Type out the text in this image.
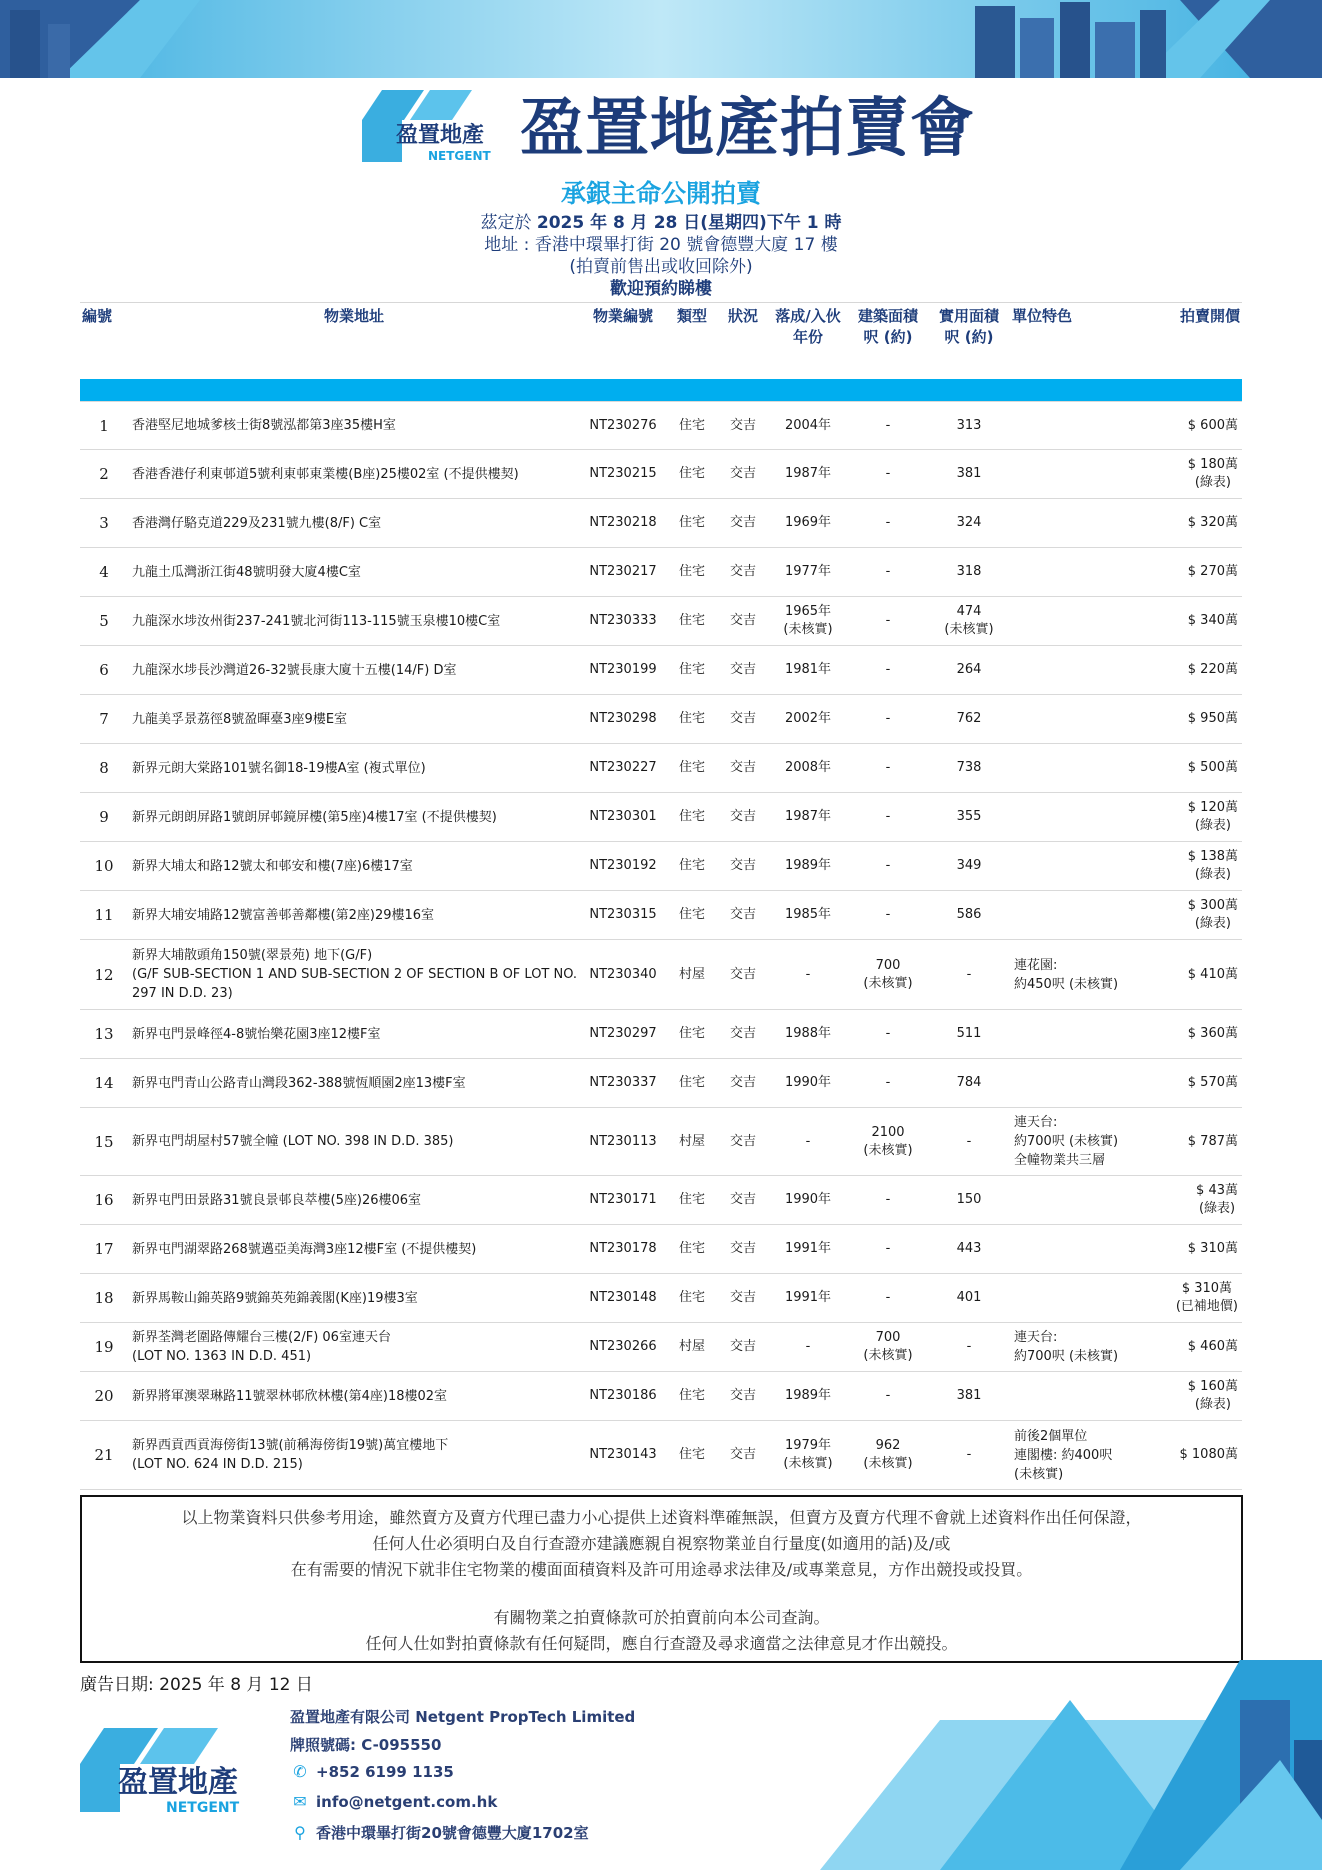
盈置地產
NETGENT 盈置地產拍賣會
承銀主命公開拍賣
茲定於 2025 年 8 月 28 日(星期四)下午 1 時
地址 : 香港中環畢打街 20 號會德豐大廈 17 樓
(拍賣前售出或收回除外)
歡迎預約睇樓
編號	物業地址	物業編號	類型	狀況	落成/入伙
年份	建築面積
呎 (約)	實用面積
呎 (約)	單位特色	拍賣開價

1	香港堅尼地城爹核士街8號泓都第3座35樓H室	NT230276	住宅	交吉	2004年	-	313		$ 600萬
2	香港香港仔利東邨道5號利東邨東業樓(B座)25樓02室 (不提供樓契)	NT230215	住宅	交吉	1987年	-	381		$ 180萬
(綠表)
3	香港灣仔駱克道229及231號九樓(8/F) C室	NT230218	住宅	交吉	1969年	-	324		$ 320萬
4	九龍土瓜灣浙江街48號明發大廈4樓C室	NT230217	住宅	交吉	1977年	-	318		$ 270萬
5	九龍深水埗汝州街237-241號北河街113-115號玉泉樓10樓C室	NT230333	住宅	交吉	1965年
(未核實)	-	474
(未核實)		$ 340萬
6	九龍深水埗長沙灣道26-32號長康大廈十五樓(14/F) D室	NT230199	住宅	交吉	1981年	-	264		$ 220萬
7	九龍美孚景荔徑8號盈暉臺3座9樓E室	NT230298	住宅	交吉	2002年	-	762		$ 950萬
8	新界元朗大棠路101號名御18-19樓A室 (複式單位)	NT230227	住宅	交吉	2008年	-	738		$ 500萬
9	新界元朗朗屏路1號朗屏邨鏡屏樓(第5座)4樓17室 (不提供樓契)	NT230301	住宅	交吉	1987年	-	355		$ 120萬
(綠表)
10	新界大埔太和路12號太和邨安和樓(7座)6樓17室	NT230192	住宅	交吉	1989年	-	349		$ 138萬
(綠表)
11	新界大埔安埔路12號富善邨善鄰樓(第2座)29樓16室	NT230315	住宅	交吉	1985年	-	586		$ 300萬
(綠表)
12	新界大埔散頭角150號(翠景苑) 地下(G/F)
(G/F SUB-SECTION 1 AND SUB-SECTION 2 OF SECTION B OF LOT NO.
297 IN D.D. 23)	NT230340	村屋	交吉	-	700
(未核實)	-	連花園:
約450呎 (未核實)	$ 410萬
13	新界屯門景峰徑4-8號怡樂花園3座12樓F室	NT230297	住宅	交吉	1988年	-	511		$ 360萬
14	新界屯門青山公路青山灣段362-388號恆順園2座13樓F室	NT230337	住宅	交吉	1990年	-	784		$ 570萬
15	新界屯門胡屋村57號全幢 (LOT NO. 398 IN D.D. 385)	NT230113	村屋	交吉	-	2100
(未核實)	-	連天台:
約700呎 (未核實)
全幢物業共三層	$ 787萬
16	新界屯門田景路31號良景邨良萃樓(5座)26樓06室	NT230171	住宅	交吉	1990年	-	150		$ 43萬
(綠表)
17	新界屯門湖翠路268號邁亞美海灣3座12樓F室 (不提供樓契)	NT230178	住宅	交吉	1991年	-	443		$ 310萬
18	新界馬鞍山錦英路9號錦英苑錦義閣(K座)19樓3室	NT230148	住宅	交吉	1991年	-	401		$ 310萬
(已補地價)
19	新界荃灣老圍路傳耀台三樓(2/F) 06室連天台
(LOT NO. 1363 IN D.D. 451)	NT230266	村屋	交吉	-	700
(未核實)	-	連天台:
約700呎 (未核實)	$ 460萬
20	新界將軍澳翠琳路11號翠林邨欣林樓(第4座)18樓02室	NT230186	住宅	交吉	1989年	-	381		$ 160萬
(綠表)
21	新界西貢西貢海傍街13號(前稱海傍街19號)萬宜樓地下
(LOT NO. 624 IN D.D. 215)	NT230143	住宅	交吉	1979年
(未核實)	962
(未核實)	-	前後2個單位
連閣樓: 約400呎
(未核實)	$ 1080萬
以上物業資料只供參考用途，雖然賣方及賣方代理已盡力小心提供上述資料準確無誤，但賣方及賣方代理不會就上述資料作出任何保證，
任何人仕必須明白及自行查證亦建議應親自視察物業並自行量度(如適用的話)及/或
在有需要的情況下就非住宅物業的樓面面積資料及許可用途尋求法律及/或專業意見，方作出競投或投買。
有關物業之拍賣條款可於拍賣前向本公司查詢。
任何人仕如對拍賣條款有任何疑問，應自行查證及尋求適當之法律意見才作出競投。
廣告日期: 2025 年 8 月 12 日
盈置地產
NETGENT
盈置地產有限公司 Netgent PropTech Limited
牌照號碼: C-095550
✆ +852 6199 1135
✉ info@netgent.com.hk
⚲ 香港中環畢打街20號會德豐大廈1702室
